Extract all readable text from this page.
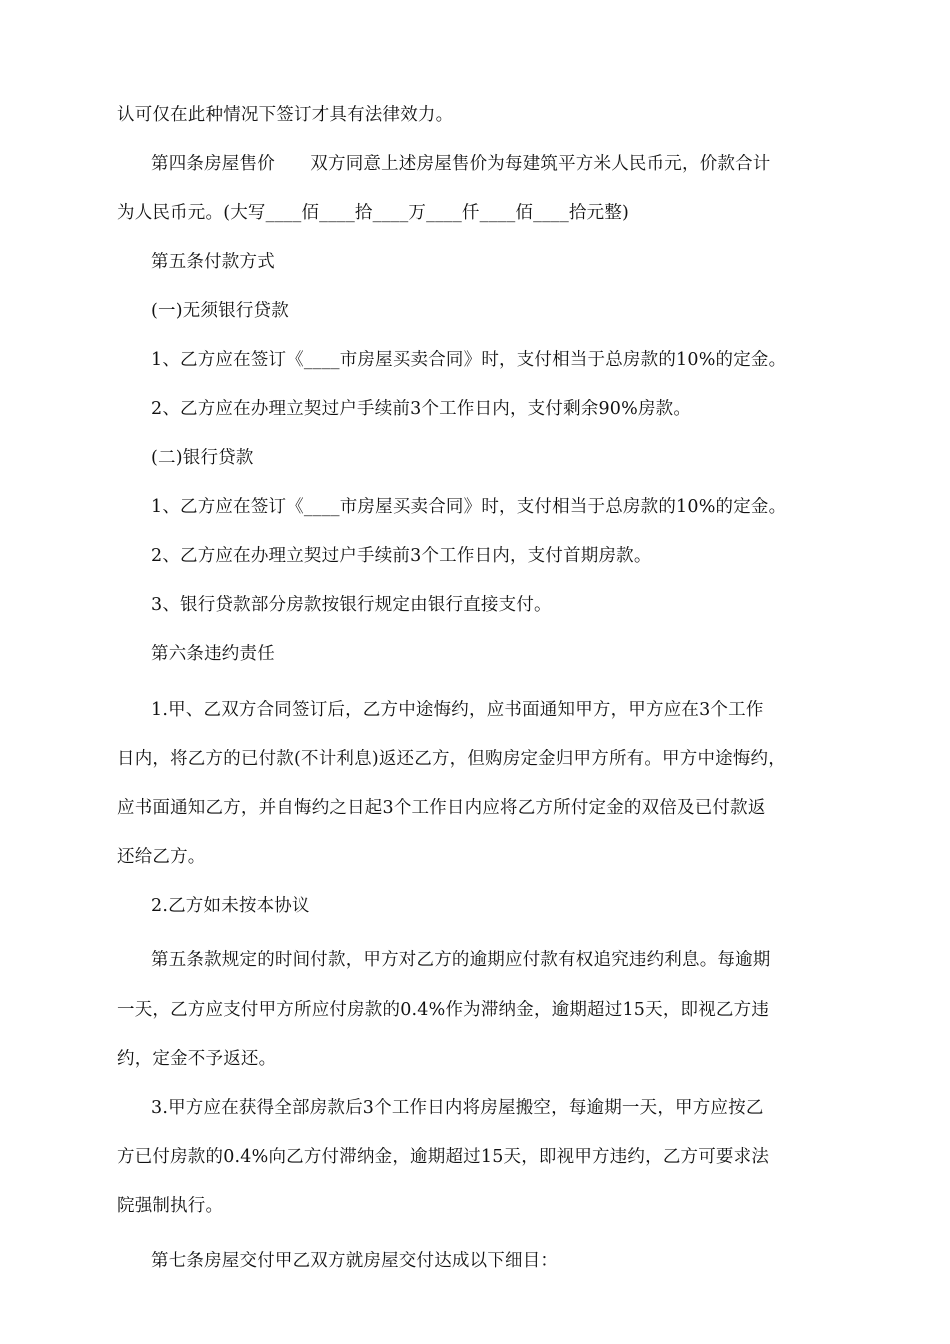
认可仅在此种情况下签订才具有法律效力。
第四条房屋售价　　双方同意上述房屋售价为每建筑平方米人民币元，价款合计
为人民币元。(大写____佰____拾____万____仟____佰____拾元整)
第五条付款方式
(一)无须银行贷款
1、乙方应在签订《____市房屋买卖合同》时，支付相当于总房款的10%的定金。
2、乙方应在办理立契过户手续前3个工作日内，支付剩余90%房款。
(二)银行贷款
1、乙方应在签订《____市房屋买卖合同》时，支付相当于总房款的10%的定金。
2、乙方应在办理立契过户手续前3个工作日内，支付首期房款。
3、银行贷款部分房款按银行规定由银行直接支付。
第六条违约责任
1.甲、乙双方合同签订后，乙方中途悔约，应书面通知甲方，甲方应在3个工作
日内，将乙方的已付款(不计利息)返还乙方，但购房定金归甲方所有。甲方中途悔约，
应书面通知乙方，并自悔约之日起3个工作日内应将乙方所付定金的双倍及已付款返
还给乙方。
2.乙方如未按本协议
第五条款规定的时间付款，甲方对乙方的逾期应付款有权追究违约利息。每逾期
一天，乙方应支付甲方所应付房款的0.4%作为滞纳金，逾期超过15天，即视乙方违
约，定金不予返还。
3.甲方应在获得全部房款后3个工作日内将房屋搬空，每逾期一天，甲方应按乙
方已付房款的0.4%向乙方付滞纳金，逾期超过15天，即视甲方违约，乙方可要求法
院强制执行。
第七条房屋交付甲乙双方就房屋交付达成以下细目：
